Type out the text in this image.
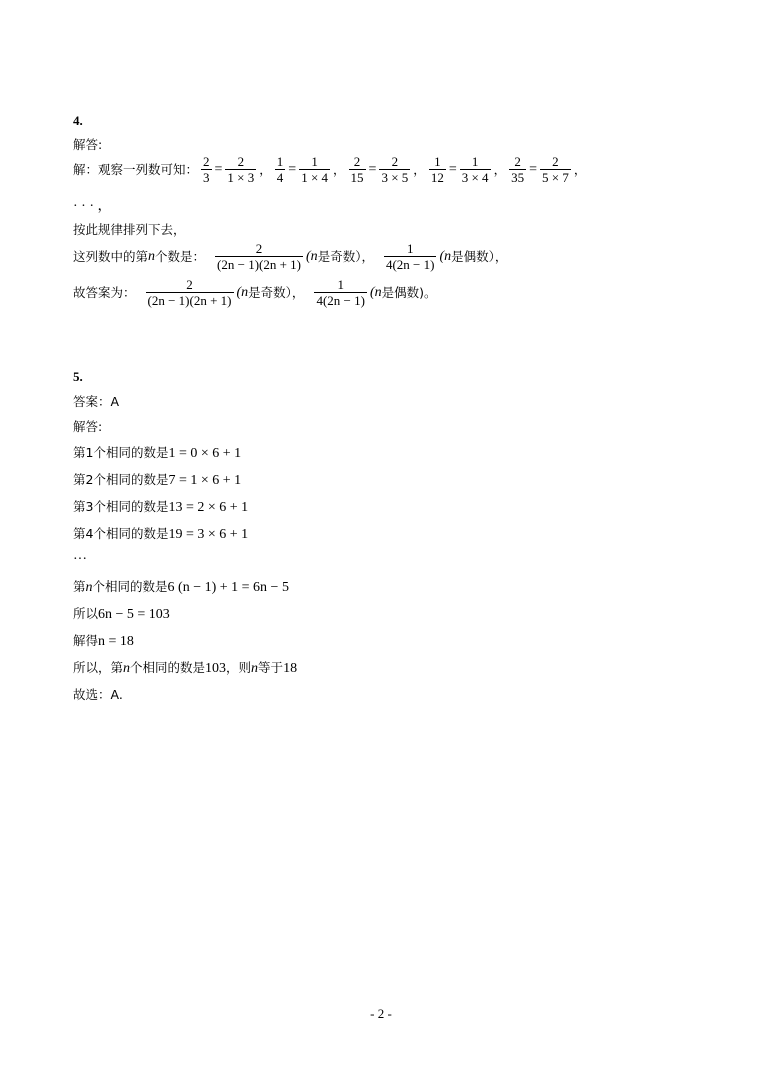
4.
解答:
解：观察一列数可知： $\frac{2}{3} = \frac{2}{1 \times 3}$ ， $\frac{1}{4} = \frac{1}{1 \times 4}$ ， $\frac{2}{15} = \frac{2}{3 \times 5}$ ， $\frac{1}{12} = \frac{1}{3 \times 4}$ ， $\frac{2}{35} = \frac{2}{5 \times 7}$ ，
· · · ，
按此规律排列下去，
这列数中的第 n 个数是： $\frac{2}{(2n - 1)(2n + 1)} (n$ 是奇数）， $\frac{1}{4(2n - 1)} (n$ 是偶数），
故答案为： $\frac{2}{(2n - 1)(2n + 1)} (n$ 是奇数）， $\frac{1}{4(2n - 1)} (n$ 是偶数)。
5.
答案：A
解答:
第1个相同的数是1 = 0 × 6 + 1
第2个相同的数是7 = 1 × 6 + 1
第3个相同的数是13 = 2 × 6 + 1
第4个相同的数是19 = 3 × 6 + 1
···
第n个相同的数是6 (n − 1) + 1 = 6n − 5
所以6n − 5 = 103
解得n = 18
所以，第n个相同的数是103，则n等于18
故选：A.
- 2 -
